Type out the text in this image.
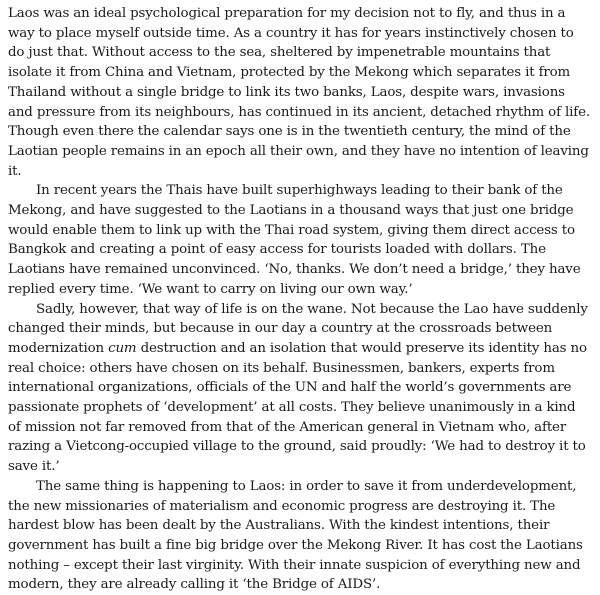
Laos was an ideal psychological preparation for my decision not to fly, and thus in a way to place myself outside time. As a country it has for years instinctively chosen to do just that. Without access to the sea, sheltered by impenetrable mountains that isolate it from China and Vietnam, protected by the Mekong which separates it from Thailand without a single bridge to link its two banks, Laos, despite wars, invasions and pressure from its neighbours, has continued in its ancient, detached rhythm of life. Though even there the calendar says one is in the twentieth century, the mind of the Laotian people remains in an epoch all their own, and they have no intention of leaving it.

In recent years the Thais have built superhighways leading to their bank of the Mekong, and have suggested to the Laotians in a thousand ways that just one bridge would enable them to link up with the Thai road system, giving them direct access to Bangkok and creating a point of easy access for tourists loaded with dollars. The Laotians have remained unconvinced. ‘No, thanks. We don’t need a bridge,’ they have replied every time. ‘We want to carry on living our own way.’

Sadly, however, that way of life is on the wane. Not because the Lao have suddenly changed their minds, but because in our day a country at the crossroads between modernization cum destruction and an isolation that would preserve its identity has no real choice: others have chosen on its behalf. Businessmen, bankers, experts from international organizations, officials of the UN and half the world’s governments are passionate prophets of ‘development’ at all costs. They believe unanimously in a kind of mission not far removed from that of the American general in Vietnam who, after razing a Vietcong-occupied village to the ground, said proudly: ‘We had to destroy it to save it.’

The same thing is happening to Laos: in order to save it from underdevelopment, the new missionaries of materialism and economic progress are destroying it. The hardest blow has been dealt by the Australians. With the kindest intentions, their government has built a fine big bridge over the Mekong River. It has cost the Laotians nothing – except their last virginity. With their innate suspicion of everything new and modern, they are already calling it ‘the Bridge of AIDS’.
